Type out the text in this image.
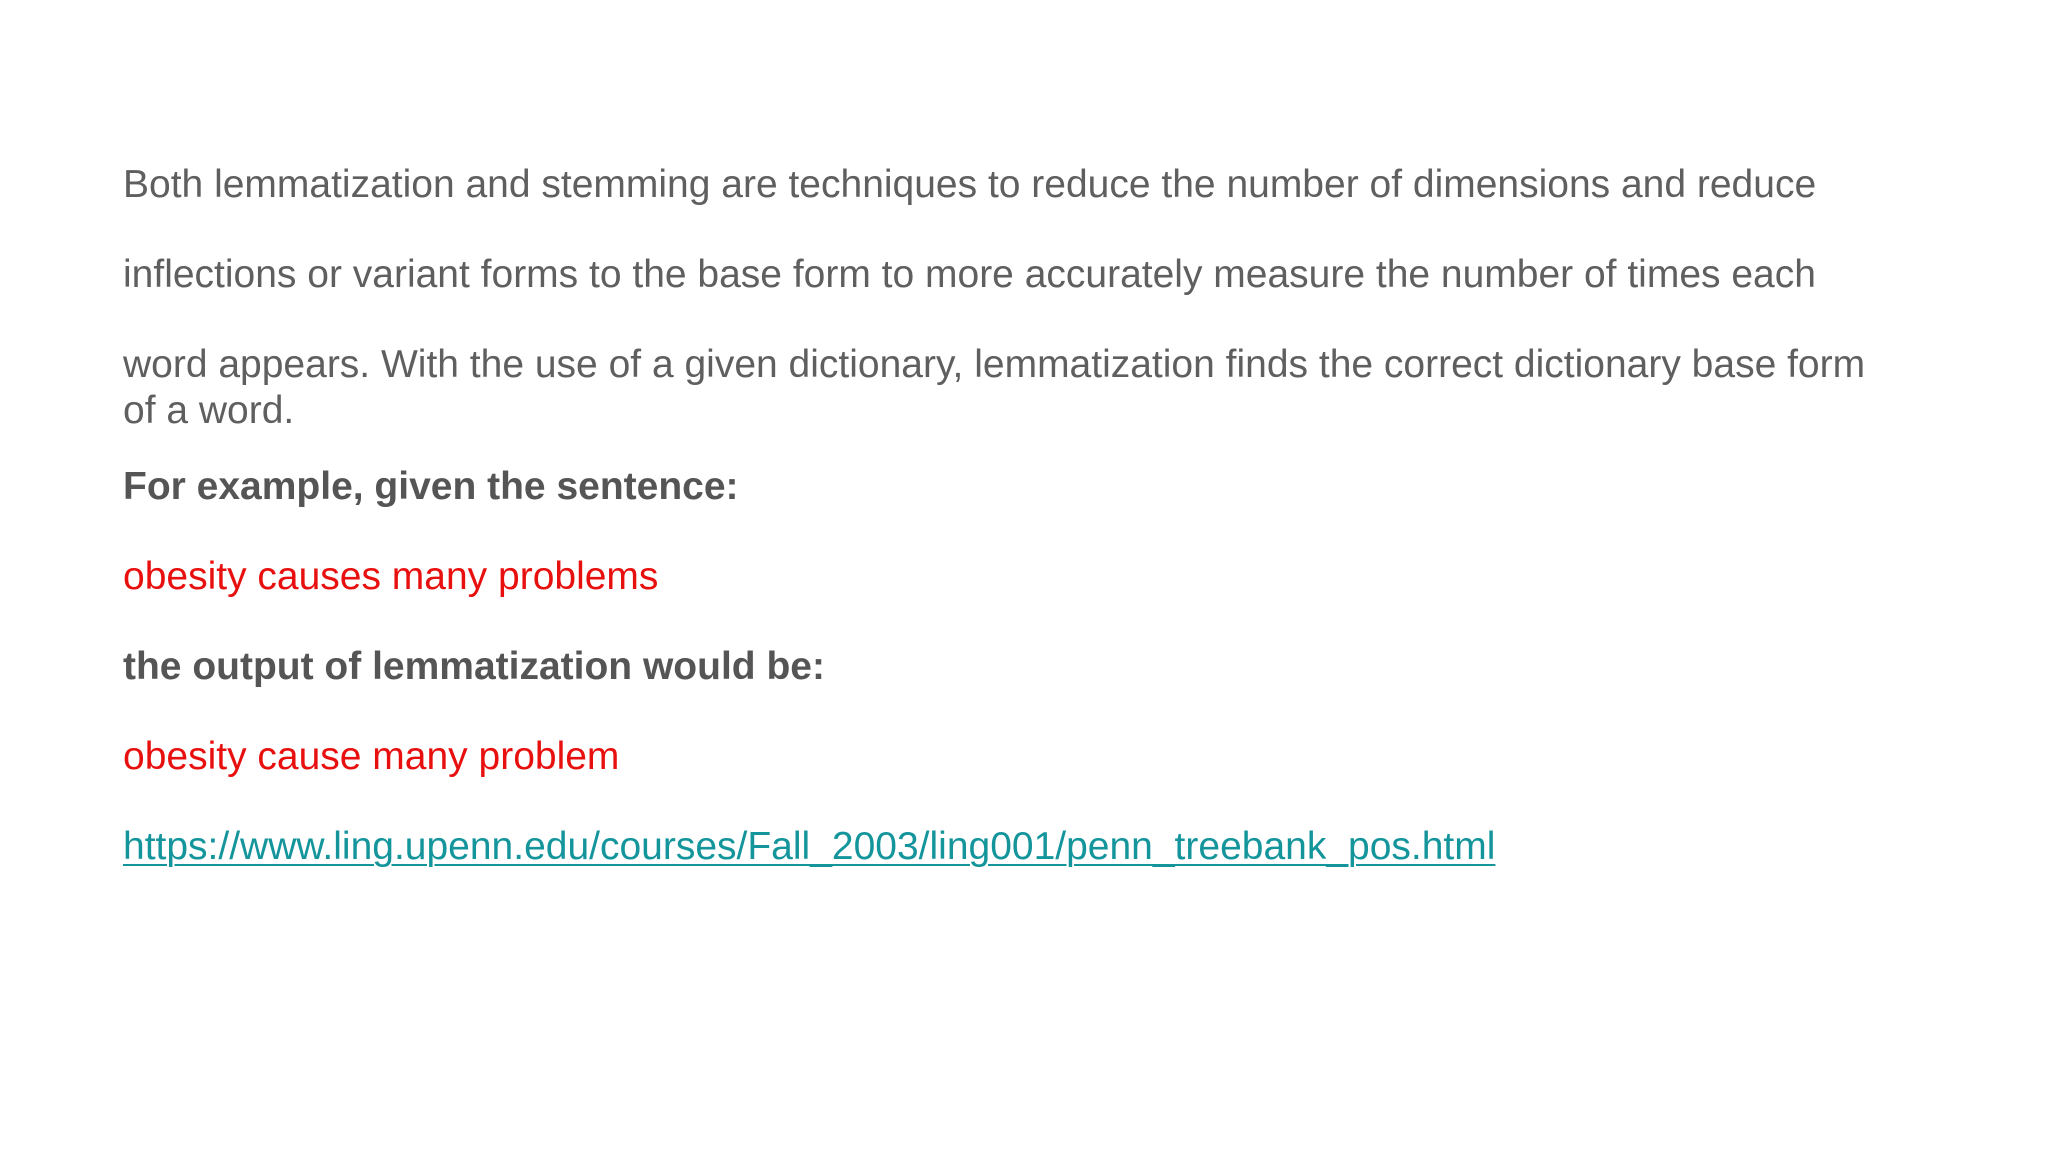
Both lemmatization and stemming are techniques to reduce the number of dimensions and reduce
inflections or variant forms to the base form to more accurately measure the number of times each
word appears. With the use of a given dictionary, lemmatization finds the correct dictionary base form
of a word.

For example, given the sentence:

obesity causes many problems

the output of lemmatization would be:

obesity cause many problem

https://www.ling.upenn.edu/courses/Fall_2003/ling001/penn_treebank_pos.html
